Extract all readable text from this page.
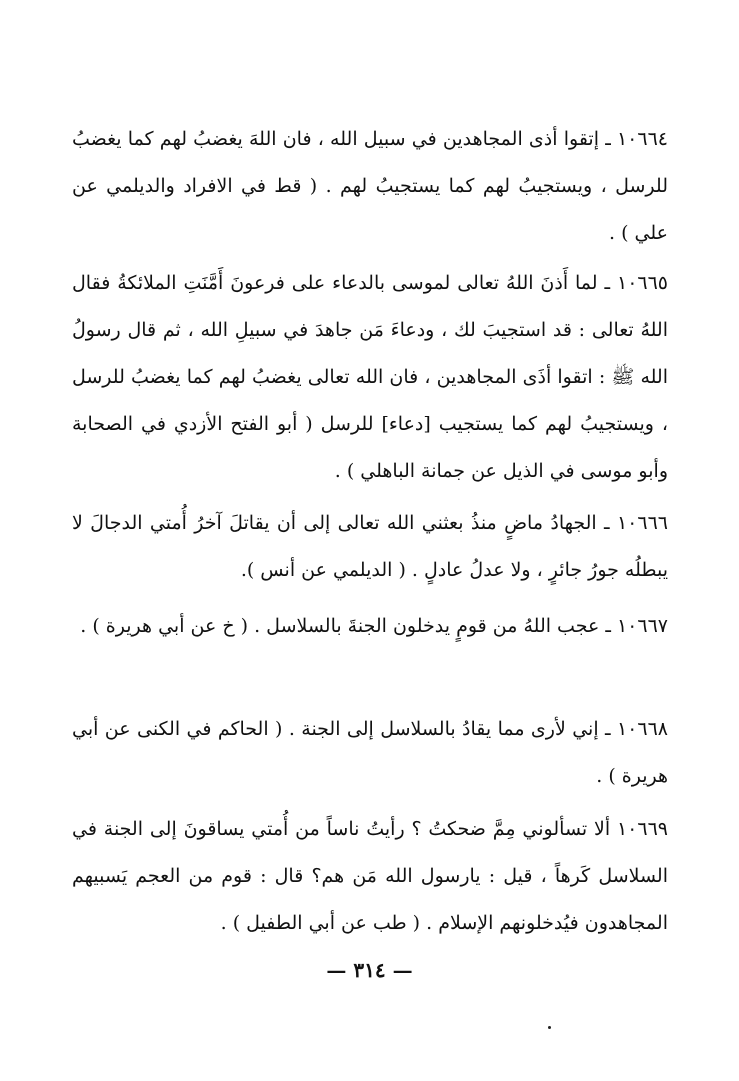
١٠٦٦٤ ـ إتقوا أذى المجاهدين في سبيل الله ، فان اللهَ يغضبُ لهم كما يغضبُ للرسل ، ويستجيبُ لهم كما يستجيبُ لهم . ( قط في الافراد والديلمي عن علي ) .

١٠٦٦٥ ـ لما أَذنَ اللهُ تعالى لموسى بالدعاء على فرعونَ أَمَّنَتِ الملائكةُ فقال اللهُ تعالى : قد استجيبَ لك ، ودعاءَ مَن جاهدَ في سبيلِ الله ، ثم قال رسولُ الله ﷺ : اتقوا أذَى المجاهدين ، فان الله تعالى يغضبُ لهم كما يغضبُ للرسل ، ويستجيبُ لهم كما يستجيب [دعاء] للرسل ( أبو الفتح الأزدي في الصحابة وأبو موسى في الذيل عن جمانة الباهلي ) .

١٠٦٦٦ ـ الجهادُ ماضٍ منذُ بعثني الله تعالى إلى أن يقاتلَ آخرُ أُمتي الدجالَ لا يبطلُه جورُ جائرٍ ، ولا عدلُ عادلٍ . ( الديلمي عن أنس ).

١٠٦٦٧ ـ عجب اللهُ من قومٍ يدخلون الجنةَ بالسلاسل . ( خ عن أبي هريرة ) .

١٠٦٦٨ ـ إني لأرى مما يقادُ بالسلاسل إلى الجنة . ( الحاكم في الكنى عن أبي هريرة ) .

١٠٦٦٩ ألا تسألوني مِمَّ ضحكتُ ؟ رأيتُ ناساً من أُمتي يساقونَ إلى الجنة في السلاسل كَرهاً ، قيل : يارسول الله مَن هم؟ قال : قوم من العجم يَسبيهم المجاهدون فيُدخلونهم الإسلام . ( طب عن أبي الطفيل ) .

— ٣١٤ —
